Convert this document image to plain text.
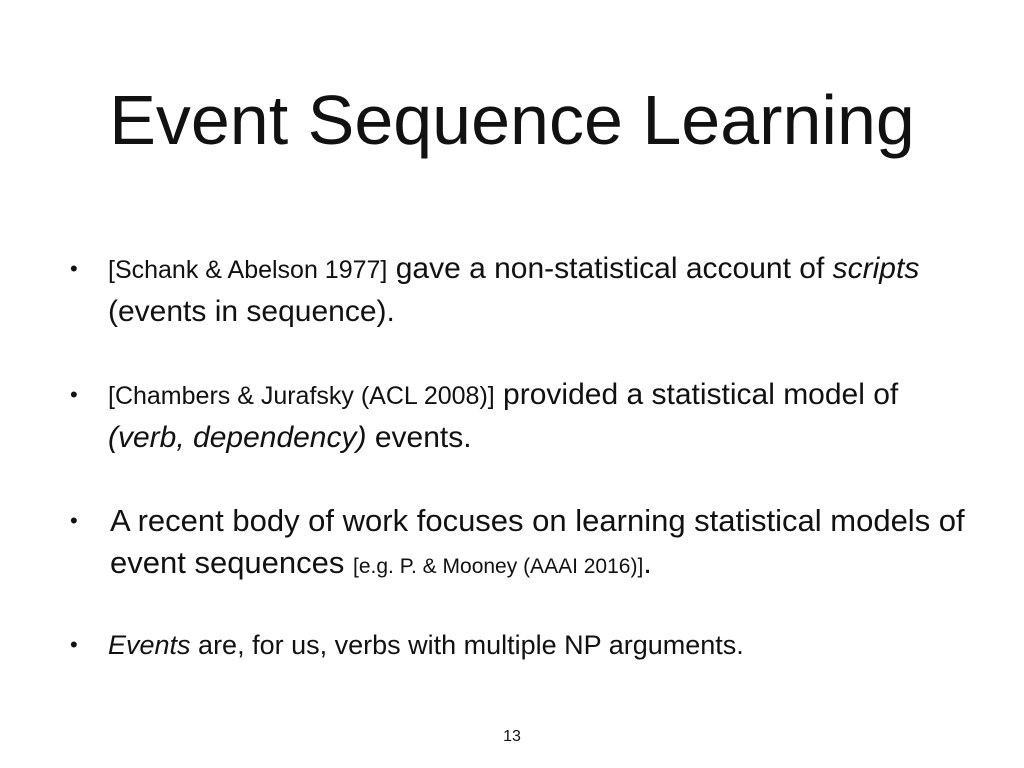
Event Sequence Learning
• [Schank & Abelson 1977] gave a non-statistical account of scripts (events in sequence).
• [Chambers & Jurafsky (ACL 2008)] provided a statistical model of (verb, dependency) events.
• A recent body of work focuses on learning statistical models of event sequences [e.g. P. & Mooney (AAAI 2016)].
• Events are, for us, verbs with multiple NP arguments.
13
